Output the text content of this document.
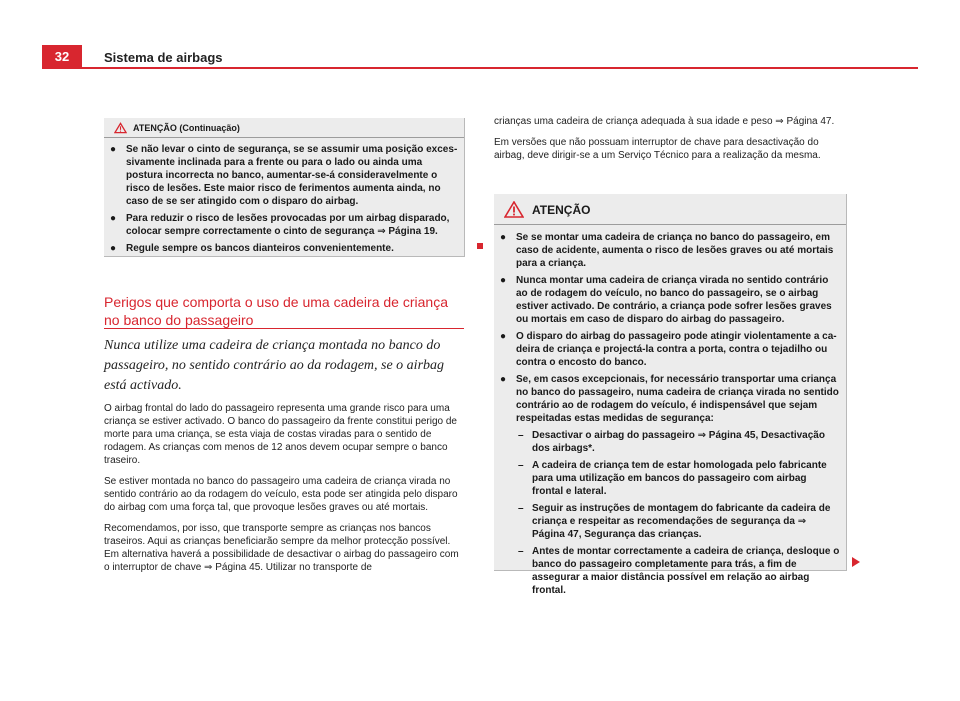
32	Sistema de airbags
ATENÇÃO (Continuação)
● Se não levar o cinto de segurança, se se assumir uma posição excessivamente inclinada para a frente ou para o lado ou ainda uma postura incorrecta no banco, aumentar-se-á consideravelmente o risco de lesões. Este maior risco de ferimentos aumenta ainda, no caso de se ser atingido com o disparo do airbag.
● Para reduzir o risco de lesões provocadas por um airbag disparado, colocar sempre correctamente o cinto de segurança ⇒ Página 19.
● Regule sempre os bancos dianteiros convenientemente.
Perigos que comporta o uso de uma cadeira de criança no banco do passageiro
Nunca utilize uma cadeira de criança montada no banco do passageiro, no sentido contrário ao da rodagem, se o airbag está activado.

O airbag frontal do lado do passageiro representa uma grande risco para uma criança se estiver activado. O banco do passageiro da frente constitui perigo de morte para uma criança, se esta viaja de costas viradas para o sentido de rodagem. As crianças com menos de 12 anos devem ocupar sempre o banco traseiro.

Se estiver montada no banco do passageiro uma cadeira de criança virada no sentido contrário ao da rodagem do veículo, esta pode ser atingida pelo disparo do airbag com uma força tal, que provoque lesões graves ou até mortais.

Recomendamos, por isso, que transporte sempre as crianças nos bancos traseiros. Aqui as crianças beneficiarão sempre da melhor protecção possível. Em alternativa haverá a possibilidade de desactivar o airbag do passageiro com o interruptor de chave ⇒ Página 45. Utilizar no transporte de

crianças uma cadeira de criança adequada à sua idade e peso ⇒ Página 47.

Em versões que não possuam interruptor de chave para desactivação do airbag, deve dirigir-se a um Serviço Técnico para a realização da mesma.

ATENÇÃO
● Se se montar uma cadeira de criança no banco do passageiro, em caso de acidente, aumenta o risco de lesões graves ou até mortais para a criança.
● Nunca montar uma cadeira de criança virada no sentido contrário ao de rodagem do veículo, no banco do passageiro, se o airbag estiver activado. De contrário, a criança pode sofrer lesões graves ou mortais em caso de disparo do airbag do passageiro.
● O disparo do airbag do passageiro pode atingir violentamente a cadeira de criança e projectá-la contra a porta, contra o tejadilho ou contra o encosto do banco.
● Se, em casos excepcionais, for necessário transportar uma criança no banco do passageiro, numa cadeira de criança virada no sentido contrário ao de rodagem do veículo, é indispensável que sejam respeitadas estas medidas de segurança:
– Desactivar o airbag do passageiro ⇒ Página 45, Desactivação dos airbags*.
– A cadeira de criança tem de estar homologada pelo fabricante para uma utilização em bancos do passageiro com airbag frontal e lateral.
– Seguir as instruções de montagem do fabricante da cadeira de criança e respeitar as recomendações de segurança da ⇒ Página 47, Segurança das crianças.
– Antes de montar correctamente a cadeira de criança, desloque o banco do passageiro completamente para trás, a fim de assegurar a maior distância possível em relação ao airbag frontal.
